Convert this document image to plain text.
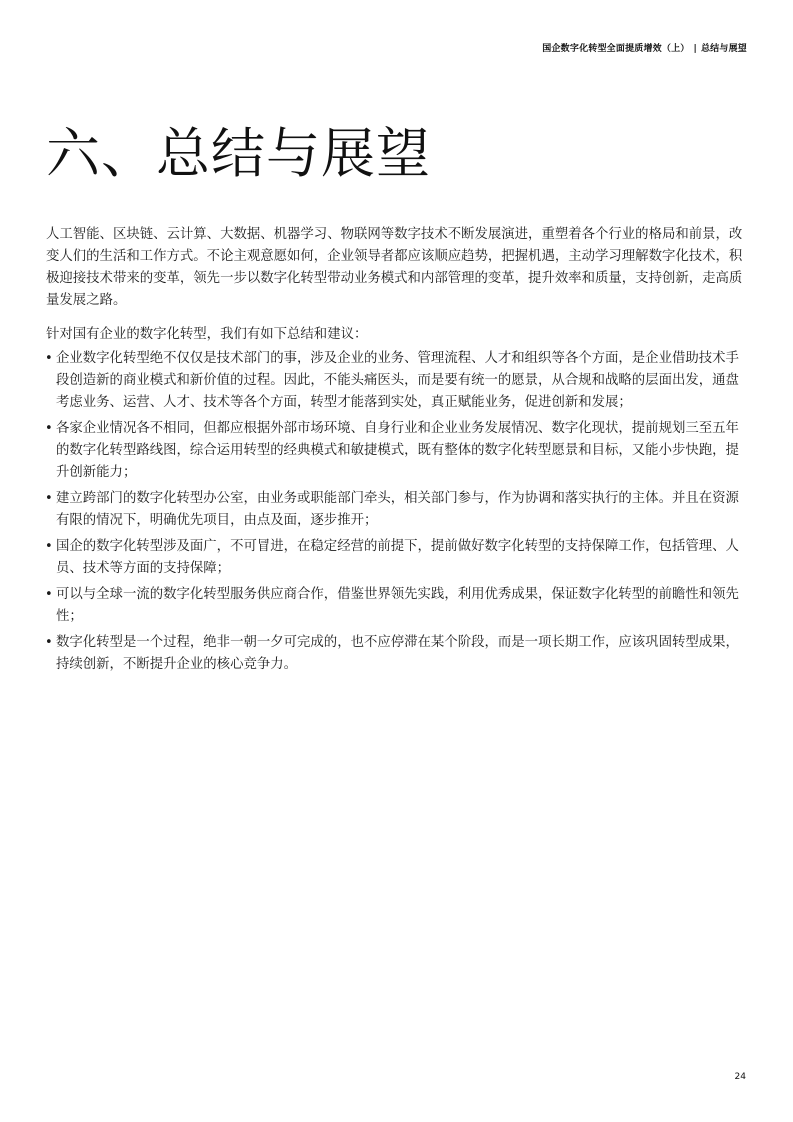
国企数字化转型全面提质增效（上） | 总结与展望
六、总结与展望

人工智能、区块链、云计算、大数据、机器学习、物联网等数字技术不断发展演进，重塑着各个行业的格局和前景，改变人们的生活和工作方式。不论主观意愿如何，企业领导者都应该顺应趋势，把握机遇，主动学习理解数字化技术，积极迎接技术带来的变革，领先一步以数字化转型带动业务模式和内部管理的变革，提升效率和质量，支持创新，走高质量发展之路。

针对国有企业的数字化转型，我们有如下总结和建议：

• 企业数字化转型绝不仅仅是技术部门的事，涉及企业的业务、管理流程、人才和组织等各个方面，是企业借助技术手段创造新的商业模式和新价值的过程。因此，不能头痛医头，而是要有统一的愿景，从合规和战略的层面出发，通盘考虑业务、运营、人才、技术等各个方面，转型才能落到实处，真正赋能业务，促进创新和发展；
• 各家企业情况各不相同，但都应根据外部市场环境、自身行业和企业业务发展情况、数字化现状，提前规划三至五年的数字化转型路线图，综合运用转型的经典模式和敏捷模式，既有整体的数字化转型愿景和目标，又能小步快跑，提升创新能力；
• 建立跨部门的数字化转型办公室，由业务或职能部门牵头，相关部门参与，作为协调和落实执行的主体。并且在资源有限的情况下，明确优先项目，由点及面，逐步推开；
• 国企的数字化转型涉及面广，不可冒进，在稳定经营的前提下，提前做好数字化转型的支持保障工作，包括管理、人员、技术等方面的支持保障；
• 可以与全球一流的数字化转型服务供应商合作，借鉴世界领先实践，利用优秀成果，保证数字化转型的前瞻性和领先性；
• 数字化转型是一个过程，绝非一朝一夕可完成的，也不应停滞在某个阶段，而是一项长期工作，应该巩固转型成果，持续创新，不断提升企业的核心竞争力。
24
